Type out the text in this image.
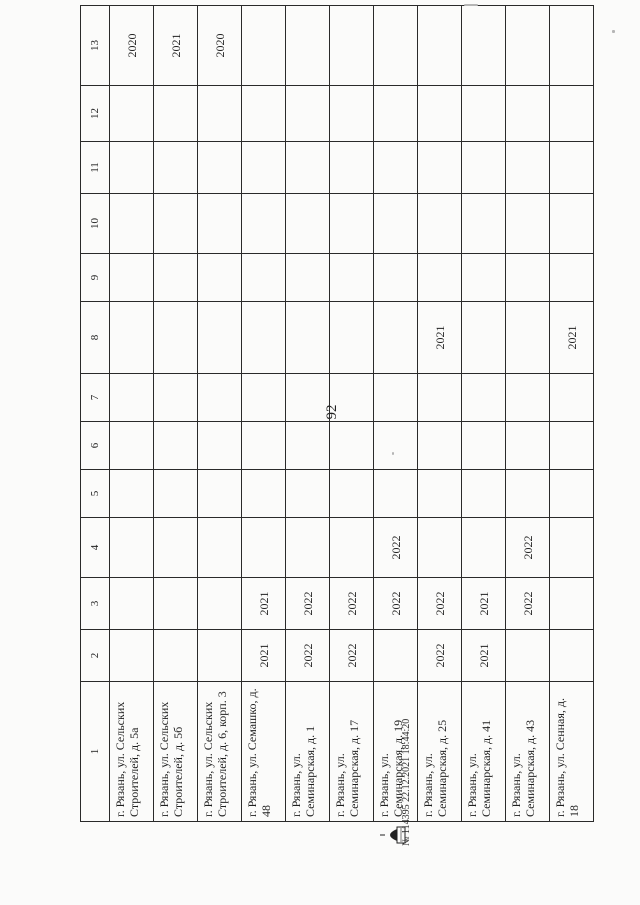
92
1	2	3	4	5	6	7	8	9	10	11	12	13
г. Рязань, ул. Сельских Строителей, д. 5а												2020
г. Рязань, ул. Сельских Строителей, д. 5б												2021
г. Рязань, ул. Сельских Строителей, д. 6, корп. 3												2020
г. Рязань, ул. Семашко, д. 48	2021	2021										
г. Рязань, ул. Семинарская, д. 1	2022	2022										
г. Рязань, ул. Семинарская, д. 17	2022	2022										
г. Рязань, ул. Семинарская, д. 19		2022	2022									
г. Рязань, ул. Семинарская, д. 25	2022	2022					2021					
г. Рязань, ул. Семинарская, д. 41	2021	2021										
г. Рязань, ул. Семинарская, д. 43		2022	2022									
г. Рязань, ул. Сенная, д. 18							2021					
№ 114395 22.12.2021 18:44:20
